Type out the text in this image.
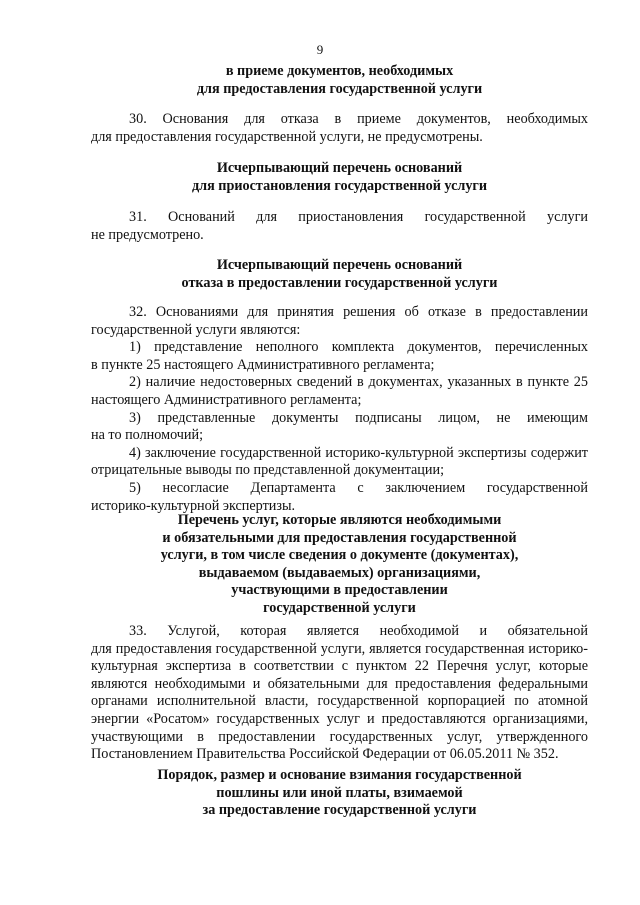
9
в приеме документов, необходимых
для предоставления государственной услуги
30. Основания для отказа в приеме документов, необходимых
для предоставления государственной услуги, не предусмотрены.
Исчерпывающий перечень оснований
для приостановления государственной услуги
31. Оснований для приостановления государственной услуги
не предусмотрено.
Исчерпывающий перечень оснований
отказа в предоставлении государственной услуги
32. Основаниями для принятия решения об отказе в предоставлении
государственной услуги являются:
1) представление неполного комплекта документов, перечисленных
в пункте 25 настоящего Административного регламента;
2) наличие недостоверных сведений в документах, указанных в пункте 25
настоящего Административного регламента;
3) представленные документы подписаны лицом, не имеющим
на то полномочий;
4) заключение государственной историко-культурной экспертизы содержит
отрицательные выводы по представленной документации;
5) несогласие Департамента с заключением государственной
историко-культурной экспертизы.
Перечень услуг, которые являются необходимыми
и обязательными для предоставления государственной
услуги, в том числе сведения о документе (документах),
выдаваемом (выдаваемых) организациями,
участвующими в предоставлении
государственной услуги
33. Услугой, которая является необходимой и обязательной
для предоставления государственной услуги, является государственная историко-
культурная экспертиза в соответствии с пунктом 22 Перечня услуг, которые
являются необходимыми и обязательными для предоставления федеральными
органами исполнительной власти, государственной корпорацией по атомной
энергии «Росатом» государственных услуг и предоставляются организациями,
участвующими в предоставлении государственных услуг, утвержденного
Постановлением Правительства Российской Федерации от 06.05.2011 № 352.
Порядок, размер и основание взимания государственной
пошлины или иной платы, взимаемой
за предоставление государственной услуги
